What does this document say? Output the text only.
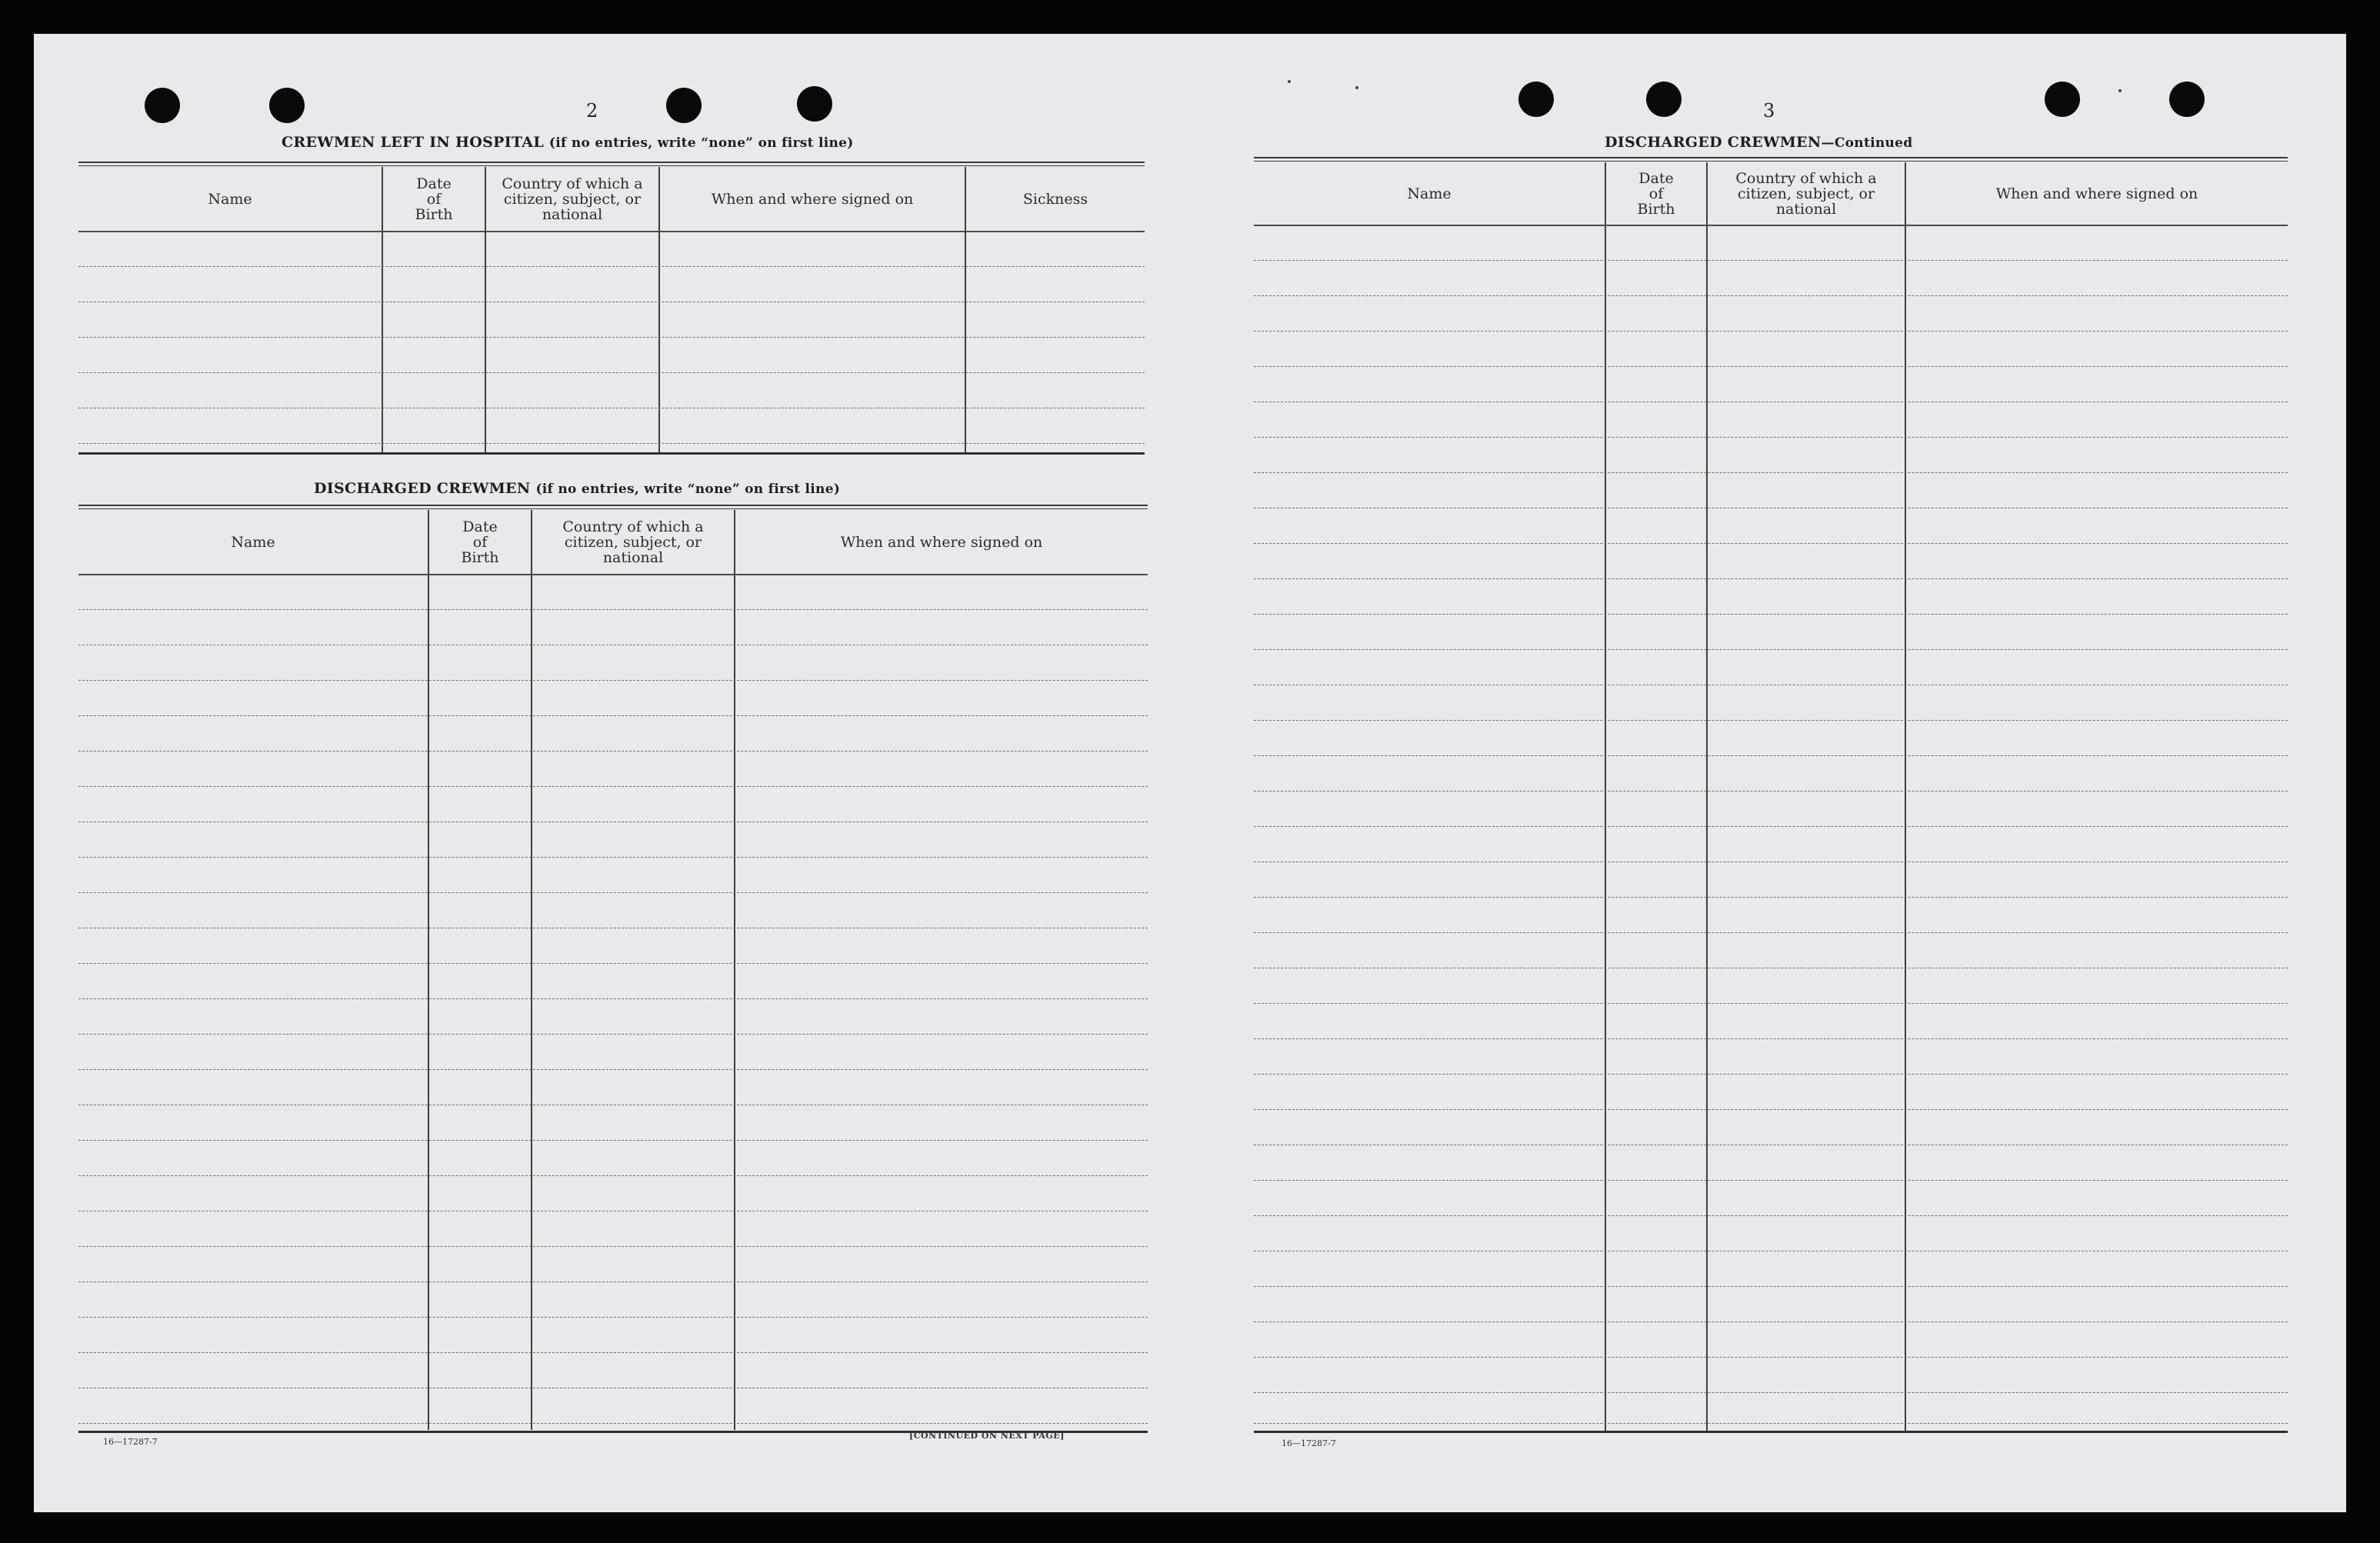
2
CREWMEN LEFT IN HOSPITAL (if no entries, write “none” on first line)
Name
Date of Birth
Country of which a citizen, subject, or national
When and where signed on	Sickness
DISCHARGED CREWMEN (if no entries, write “none” on first line)
Name
Date of Birth
Country of which a citizen, subject, or national
When and where signed on
16—17287-7
[CONTINUED ON NEXT PAGE]
3
DISCHARGED CREWMEN—Continued
Name
Date of Birth
Country of which a citizen, subject, or national
When and where signed on
16—17287-7
